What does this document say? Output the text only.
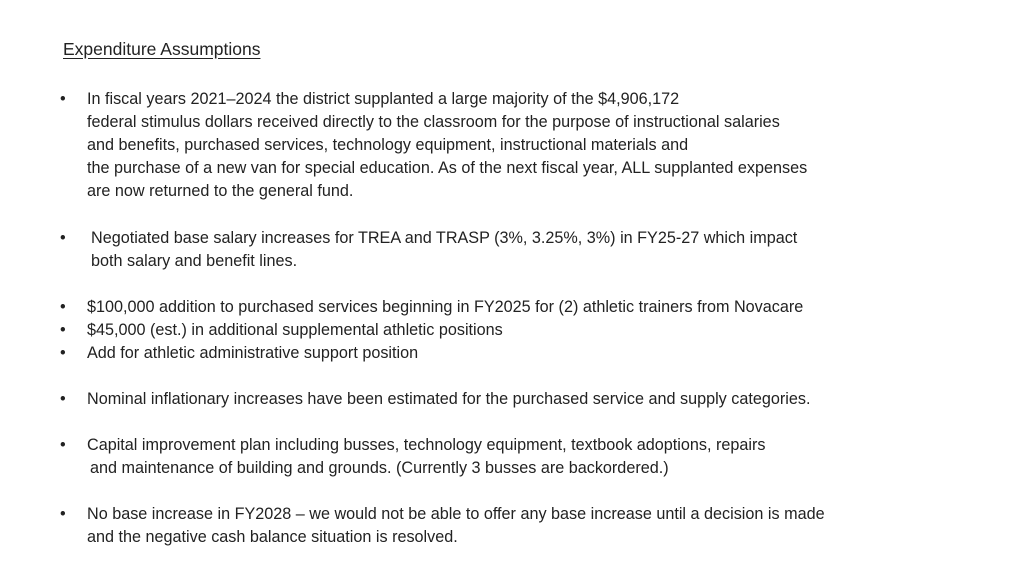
Expenditure Assumptions
•	In fiscal years 2021–2024 the district supplanted a large majority of the $4,906,172
federal stimulus dollars received directly to the classroom for the purpose of instructional salaries
and benefits, purchased services, technology equipment, instructional materials and
the purchase of a new van for special education. As of the next fiscal year, ALL supplanted expenses
are now returned to the general fund.
•	Negotiated base salary increases for TREA and TRASP (3%, 3.25%, 3%) in FY25-27 which impact
both salary and benefit lines.
•	$100,000 addition to purchased services beginning in FY2025 for (2) athletic trainers from Novacare
•	$45,000 (est.) in additional supplemental athletic positions
•	Add for athletic administrative support position
•	Nominal inflationary increases have been estimated for the purchased service and supply categories.
•	Capital improvement plan including busses, technology equipment, textbook adoptions, repairs
and maintenance of building and grounds. (Currently 3 busses are backordered.)
•	No base increase in FY2028 – we would not be able to offer any base increase until a decision is made
and the negative cash balance situation is resolved.
